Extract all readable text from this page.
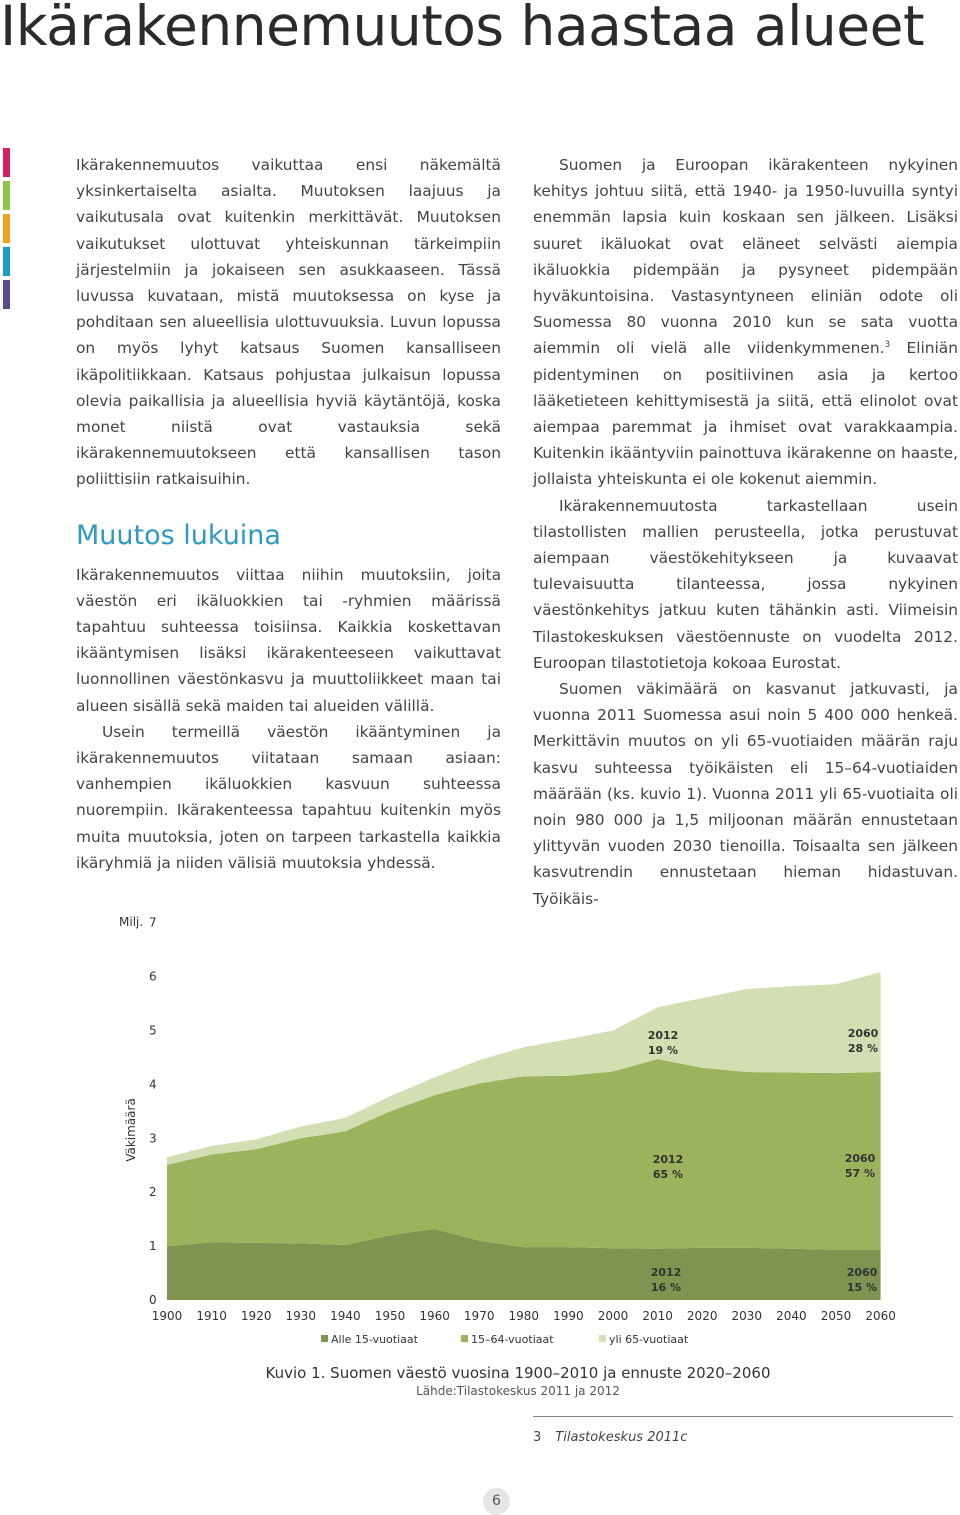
Ikärakennemuutos haastaa alueet

Ikärakennemuutos vaikuttaa ensi näkemältä yksinkertaiselta asialta. Muutoksen laajuus ja vaikutusala ovat kuitenkin merkittävät. Muutoksen vaikutukset ulottuvat yhteiskunnan tärkeimpiin järjestelmiin ja jokaiseen sen asukkaaseen. Tässä luvussa kuvataan, mistä muutoksessa on kyse ja pohditaan sen alueellisia ulottuvuuksia. Luvun lopussa on myös lyhyt katsaus Suomen kansalliseen ikäpolitiikkaan. Katsaus pohjustaa julkaisun lopussa olevia paikallisia ja alueellisia hyviä käytäntöjä, koska monet niistä ovat vastauksia sekä ikärakennemuutokseen että kansallisen tason poliittisiin ratkaisuihin.

Muutos lukuina

Ikärakennemuutos viittaa niihin muutoksiin, joita väestön eri ikäluokkien tai -ryhmien määrissä tapahtuu suhteessa toisiinsa. Kaikkia koskettavan ikääntymisen lisäksi ikärakenteeseen vaikuttavat luonnollinen väestönkasvu ja muuttoliikkeet maan tai alueen sisällä sekä maiden tai alueiden välillä.

Usein termeillä väestön ikääntyminen ja ikärakennemuutos viitataan samaan asiaan: vanhempien ikäluokkien kasvuun suhteessa nuorempiin. Ikärakenteessa tapahtuu kuitenkin myös muita muutoksia, joten on tarpeen tarkastella kaikkia ikäryhmiä ja niiden välisiä muutoksia yhdessä.

Suomen ja Euroopan ikärakenteen nykyinen kehitys johtuu siitä, että 1940- ja 1950-luvuilla syntyi enemmän lapsia kuin koskaan sen jälkeen. Lisäksi suuret ikäluokat ovat eläneet selvästi aiempia ikäluokkia pidempään ja pysyneet pidempään hyväkuntoisina. Vastasyntyneen eliniän odote oli Suomessa 80 vuonna 2010 kun se sata vuotta aiemmin oli vielä alle viidenkymmenen.$^3$ Eliniän pidentyminen on positiivinen asia ja kertoo lääketieteen kehittymisestä ja siitä, että elinolot ovat aiempaa paremmat ja ihmiset ovat varakkaampia. Kuitenkin ikääntyviin painottuva ikärakenne on haaste, jollaista yhteiskunta ei ole kokenut aiemmin.

Ikärakennemuutosta tarkastellaan usein tilastollisten mallien perusteella, jotka perustuvat aiempaan väestökehitykseen ja kuvaavat tulevaisuutta tilanteessa, jossa nykyinen väestönkehitys jatkuu kuten tähänkin asti. Viimeisin Tilastokeskuksen väestöennuste on vuodelta 2012. Euroopan tilastotietoja kokoaa Eurostat.

Suomen väkimäärä on kasvanut jatkuvasti, ja vuonna 2011 Suomessa asui noin 5 400 000 henkeä. Merkittävin muutos on yli 65-vuotiaiden määrän raju kasvu suhteessa työikäisten eli 15–64-vuotiaiden määrään (ks. kuvio 1). Vuonna 2011 yli 65-vuotiaita oli noin 980 000 ja 1,5 miljoonan määrän ennustetaan ylittyvän vuoden 2030 tienoilla. Toisaalta sen jälkeen kasvutrendin ennustetaan hieman hidastuvan. Työikäis-

0
1
2
3
4
5
6
7
Milj.
Väkimäärä
1900 1910 1920 1930 1940 1950 1960 1970 1980 1990 2000 2010 2020 2030 2040 2050 2060
2012
19 %
2060
28 %
2012
65 %
2060
57 %
2012
16 %
2060
15 %
Alle 15-vuotiaat	15–64-vuotiaat	yli 65-vuotiaat
Kuvio 1. Suomen väestö vuosina 1900–2010 ja ennuste 2020–2060
Lähde:Tilastokeskus 2011 ja 2012
3 Tilastokeskus 2011c
6
